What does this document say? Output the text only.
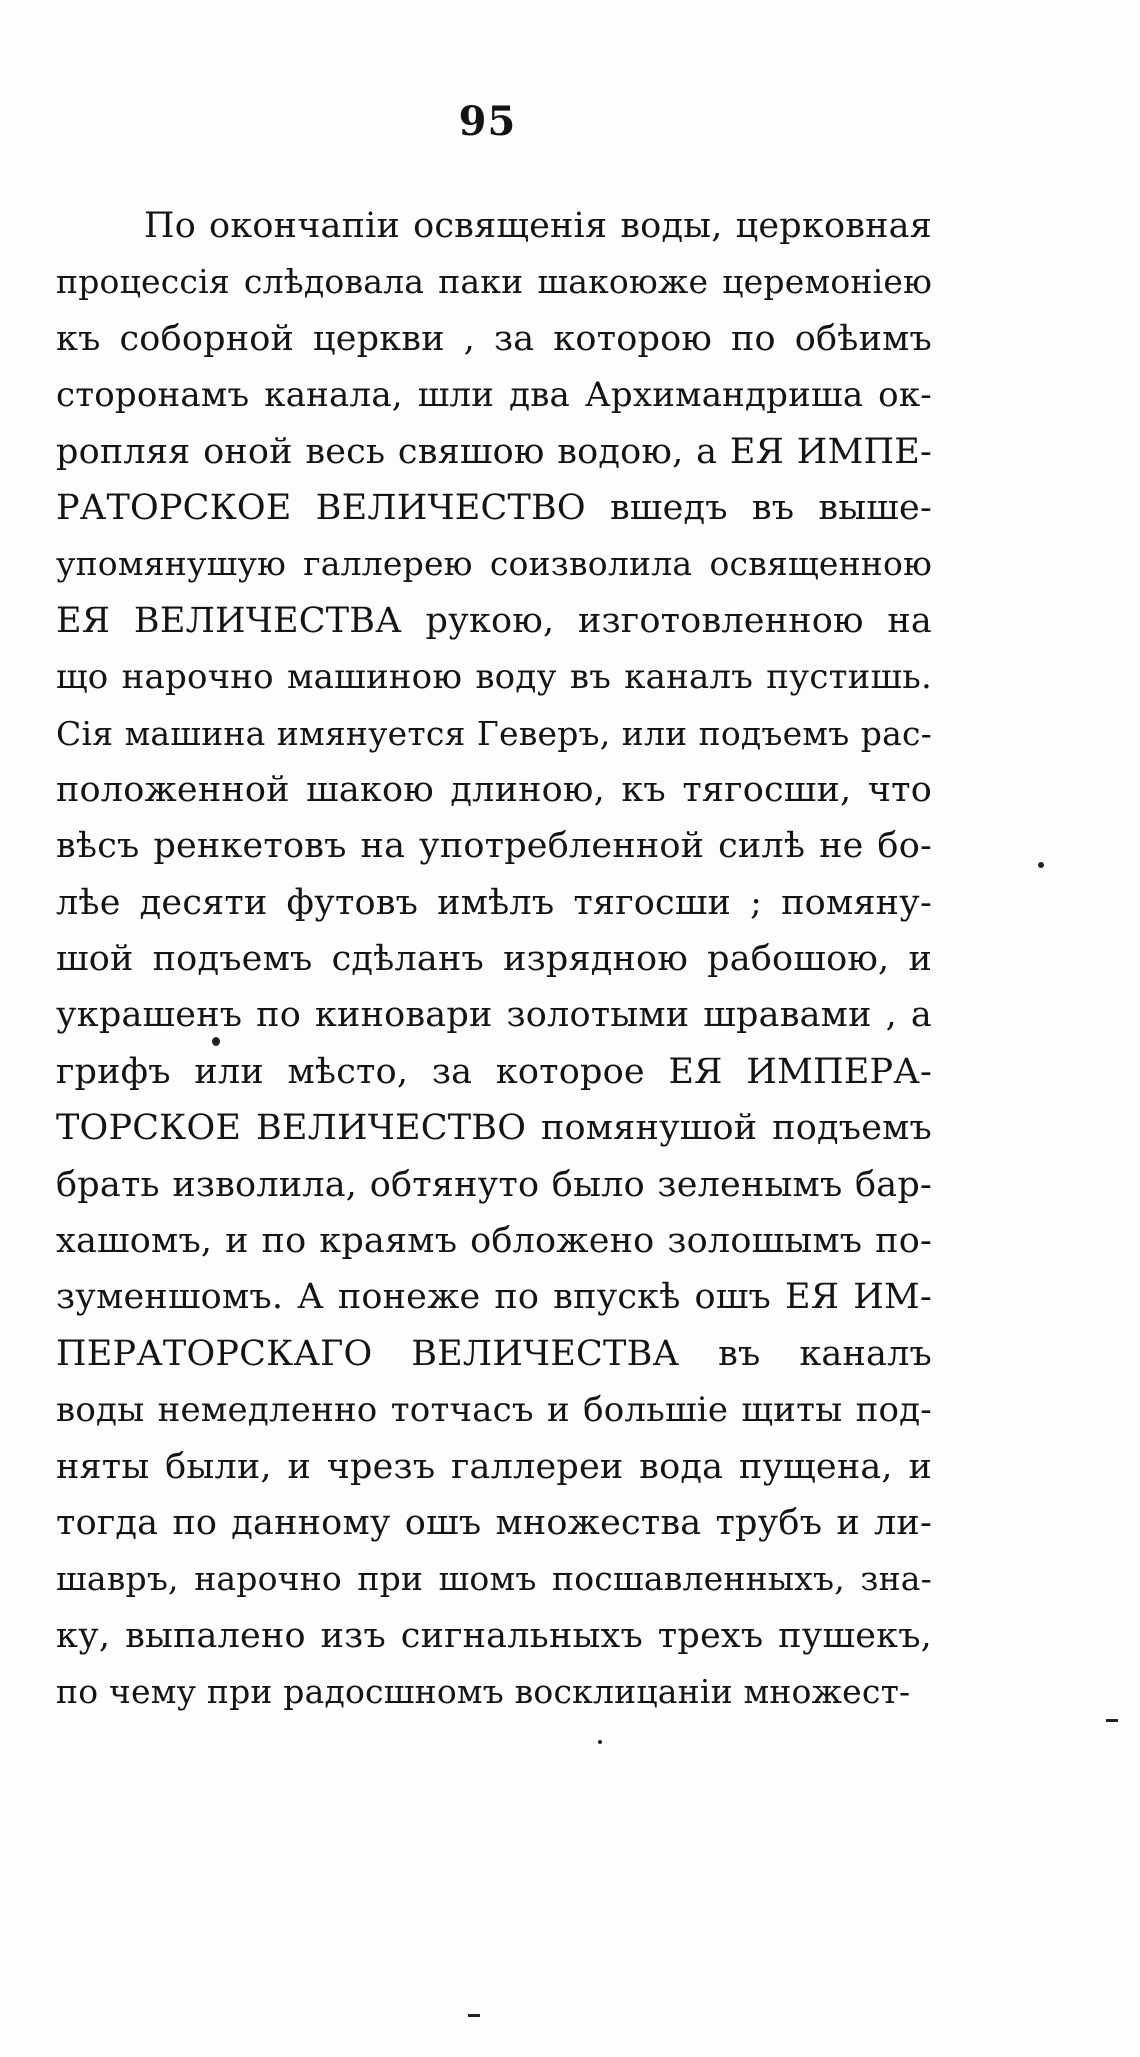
95
По окончапіи освященія воды, церковная
процессія слѣдовала паки шакоюже церемоніею
къ соборной церкви , за которою по обѣимъ
сторонамъ канала, шли два Архимандриша ок-
ропляя оной весь свяшою водою, а ЕЯ ИМПЕ-
РАТОРСКОЕ ВЕЛИЧЕСТВО вшедъ въ выше-
упомянушую галлерею соизволила освященною
ЕЯ ВЕЛИЧЕСТВА рукою, изготовленною на
що нарочно машиною воду въ каналъ пустишь.
Сія машина имянуется Геверъ, или подъемъ рас-
положенной шакою длиною, къ тягосши, что
вѣсъ ренкетовъ на употребленной силѣ не бо-
лѣе десяти футовъ имѣлъ тягосши ; помяну-
шой подъемъ сдѣланъ изрядною рабошою, и
украшенъ по киновари золотыми шравами , а
грифъ или мѣсто, за которое ЕЯ ИМПЕРА-
ТОРСКОЕ ВЕЛИЧЕСТВО помянушой подъемъ
брать изволила, обтянуто было зеленымъ бар-
хашомъ, и по краямъ обложено золошымъ по-
зуменшомъ. А понеже по впускѣ ошъ ЕЯ ИМ-
ПЕРАТОРСКАГО ВЕЛИЧЕСТВА въ каналъ
воды немедленно тотчасъ и большіе щиты под-
няты были, и чрезъ галлереи вода пущена, и
тогда по данному ошъ множества трубъ и ли-
шавръ, нарочно при шомъ посшавленныхъ, зна-
ку, выпалено изъ сигнальныхъ трехъ пушекъ,
по чему при радосшномъ восклицаніи множест-
